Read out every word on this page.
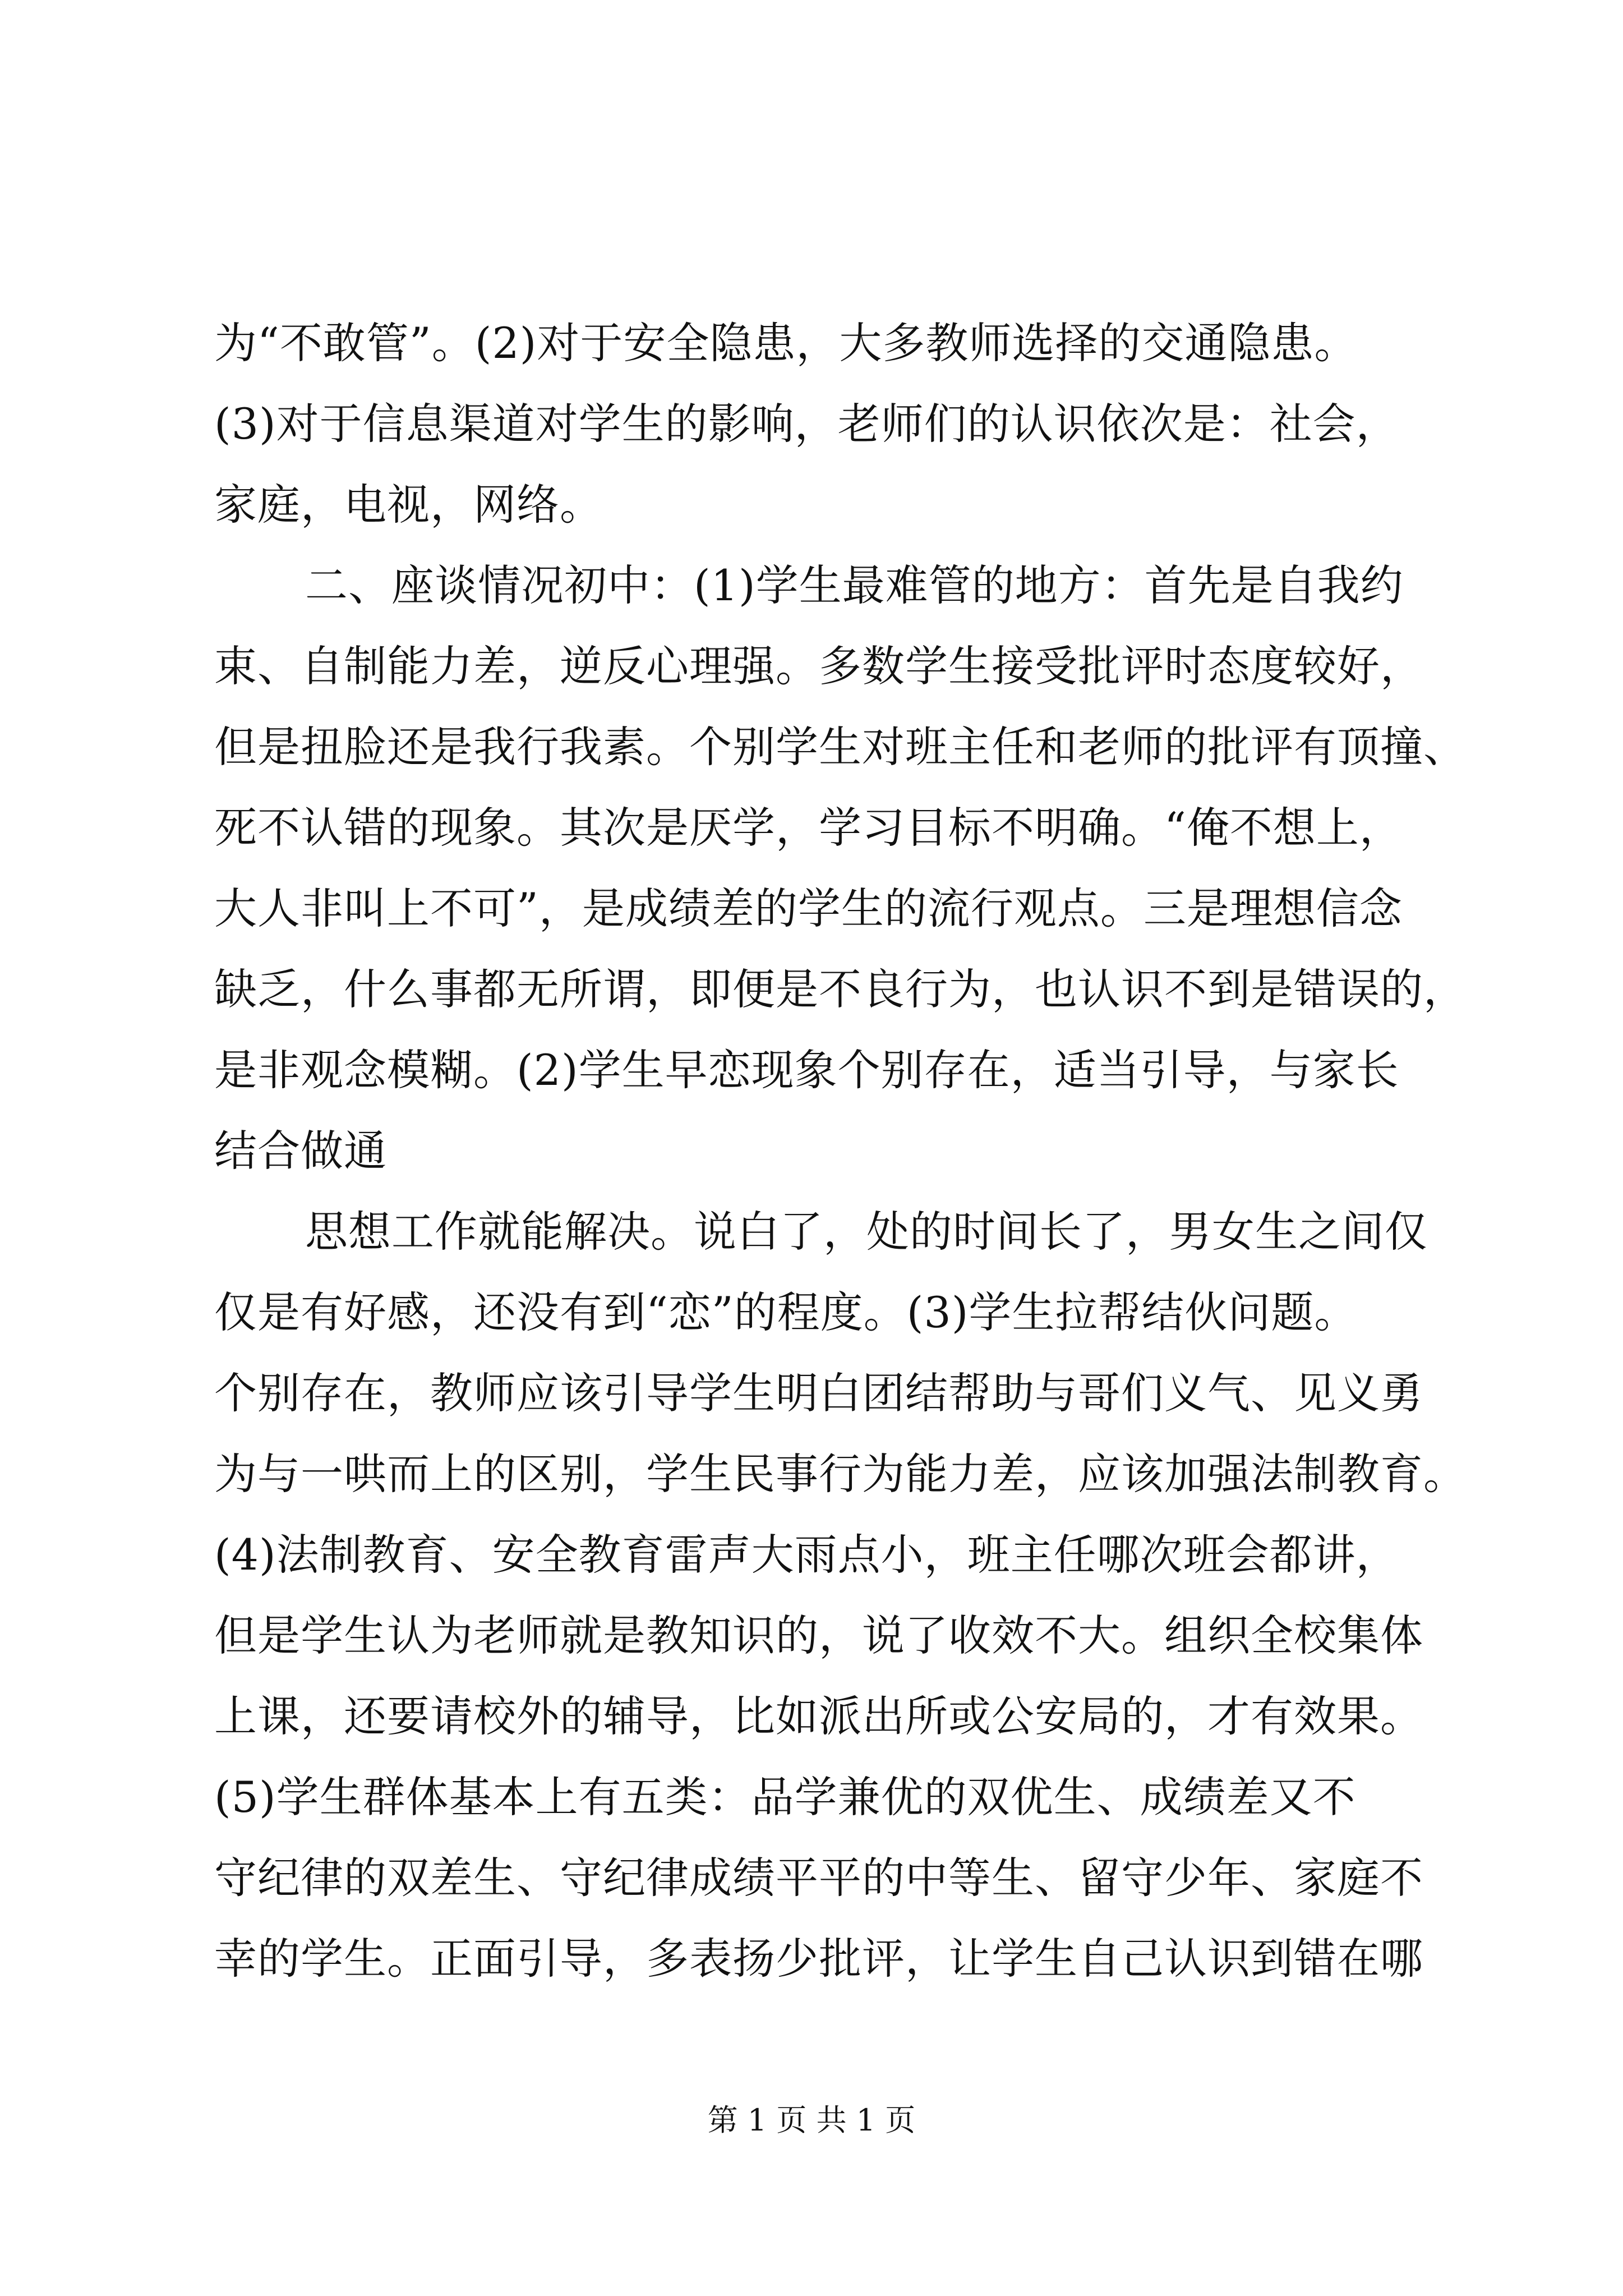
为“不敢管”。(2)对于安全隐患，大多教师选择的交通隐患。
(3)对于信息渠道对学生的影响，老师们的认识依次是：社会，
家庭，电视，网络。
二、座谈情况初中：(1)学生最难管的地方：首先是自我约
束、自制能力差，逆反心理强。多数学生接受批评时态度较好，
但是扭脸还是我行我素。个别学生对班主任和老师的批评有顶撞、
死不认错的现象。其次是厌学，学习目标不明确。“俺不想上，
大人非叫上不可”，是成绩差的学生的流行观点。三是理想信念
缺乏，什么事都无所谓，即便是不良行为，也认识不到是错误的，
是非观念模糊。(2)学生早恋现象个别存在，适当引导，与家长
结合做通
思想工作就能解决。说白了，处的时间长了，男女生之间仅
仅是有好感，还没有到“恋”的程度。(3)学生拉帮结伙问题。
个别存在，教师应该引导学生明白团结帮助与哥们义气、见义勇
为与一哄而上的区别，学生民事行为能力差，应该加强法制教育。
(4)法制教育、安全教育雷声大雨点小，班主任哪次班会都讲，
但是学生认为老师就是教知识的，说了收效不大。组织全校集体
上课，还要请校外的辅导，比如派出所或公安局的，才有效果。
(5)学生群体基本上有五类：品学兼优的双优生、成绩差又不
守纪律的双差生、守纪律成绩平平的中等生、留守少年、家庭不
幸的学生。正面引导，多表扬少批评，让学生自己认识到错在哪
第 1 页 共 1 页
